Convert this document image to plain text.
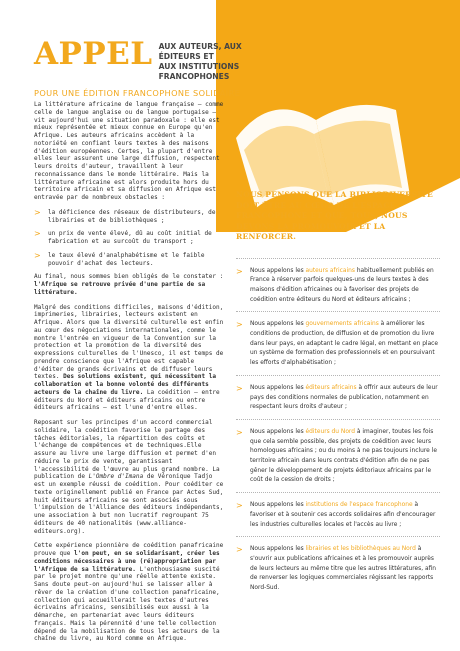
APPEL AUX AUTEURS, AUX ÉDITEURS ET
AUX INSTITUTIONS FRANCOPHONES
POUR UNE ÉDITION FRANCOPHONE SOLIDAIRE

La littérature africaine de langue française — comme celle de langue anglaise ou de langue portugaise — vit aujourd'hui une situation paradoxale : elle est mieux représentée et mieux connue en Europe qu'en Afrique. Les auteurs africains accèdent à la notoriété en confiant leurs textes à des maisons d'édition européennes. Certes, la plupart d'entre elles leur assurent une large diffusion, respectent leurs droits d'auteur, travaillent à leur reconnaissance dans le monde littéraire. Mais la littérature africaine est alors produite hors du territoire africain et sa diffusion en Afrique est entravée par de nombreux obstacles :

>	la déficience des réseaux de distributeurs, de librairies et de bibliothèques ;
>	un prix de vente élevé, dû au coût initial de fabrication et au surcoût du transport ;
>	le taux élevé d'analphabétisme et le faible pouvoir d'achat des lecteurs.

Au final, nous sommes bien obligés de le constater :
l'Afrique se retrouve privée d'une partie de sa littérature.

Malgré des conditions difficiles, maisons d'édition, imprimeries, librairies, lecteurs existent en Afrique. Alors que la diversité culturelle est enfin au cœur des négociations internationales, comme le montre l'entrée en vigueur de la Convention sur la protection et la promotion de la diversité des expressions culturelles de l'Unesco, il est temps de prendre conscience que l'Afrique est capable d'éditer de grands écrivains et de diffuser leurs textes. Des solutions existent, qui nécessitent la collaboration et la bonne volonté des différents acteurs de la chaîne du livre. La coédition — entre éditeurs du Nord et éditeurs africains ou entre éditeurs africains — est l'une d'entre elles.

Reposant sur les principes d'un accord commercial solidaire, la coédition favorise le partage des tâches éditoriales, la répartition des coûts et l'échange de compétences et de techniques.Elle assure au livre une large diffusion et permet d'en réduire le prix de vente, garantissant l'accessibilité de l'œuvre au plus grand nombre. La publication de L'Ombre d'Imana de Véronique Tadjo est un exemple réussi de coédition. Pour coéditer ce texte originellement publié en France par Actes Sud, huit éditeurs africains se sont associés sous l'impulsion de l'Alliance des éditeurs indépendants, une association à but non lucratif regroupant 75 éditeurs de 40 nationalités (www.alliance-editeurs.org).

Cette expérience pionnière de coédition panafricaine prouve que l'on peut, en se solidarisant, créer les conditions nécessaires à une (ré)appropriation par l'Afrique de sa littérature. L'enthousiasme suscité par le projet montre qu'une réelle attente existe. Sans doute peut-on aujourd'hui se laisser aller à rêver de la création d'une collection panafricaine, collection qui accueillerait les textes d'autres écrivains africains, sensibilisés eux aussi à la démarche, en partenariat avec leurs éditeurs français. Mais la pérennité d'une telle collection dépend de la mobilisation de tous les acteurs de la chaîne du livre, au Nord comme en Afrique.

NOUS PENSONS QUE LA BIBLIODIVERSITÉ DOIT ÊTRE AU CŒUR DE L'ESPACE FRANCOPHONE ET QUE, TOUS, NOUS DEVONS LA PROMOUVOIR ET LA RENFORCER.
>	Nous appelons les auteurs africains habituellement publiés en France à réserver parfois quelques-uns de leurs textes à des maisons d'édition africaines ou à favoriser des projets de coédition entre éditeurs du Nord et éditeurs africains ;
>	Nous appelons les gouvernements africains à améliorer les conditions de production, de diffusion et de promotion du livre dans leur pays, en adaptant le cadre légal, en mettant en place un système de formation des professionnels et en poursuivant les efforts d'alphabétisation ;
>	Nous appelons les éditeurs africains à offrir aux auteurs de leur pays des conditions normales de publication, notamment en respectant leurs droits d'auteur ;
>	Nous appelons les éditeurs du Nord à imaginer, toutes les fois que cela semble possible, des projets de coédition avec leurs homologues africains ; ou du moins à ne pas toujours inclure le territoire africain dans leurs contrats d'édition afin de ne pas gêner le développement de projets éditoriaux africains par le coût de la cession de droits ;
>	Nous appelons les institutions de l'espace francophone à favoriser et à soutenir ces accords solidaires afin d'encourager les industries culturelles locales et l'accès au livre ;
>	Nous appelons les librairies et les bibliothèques au Nord à s'ouvrir aux publications africaines et à les promouvoir auprès de leurs lecteurs au même titre que les autres littératures, afin de renverser les logiques commerciales régissant les rapports Nord-Sud.
